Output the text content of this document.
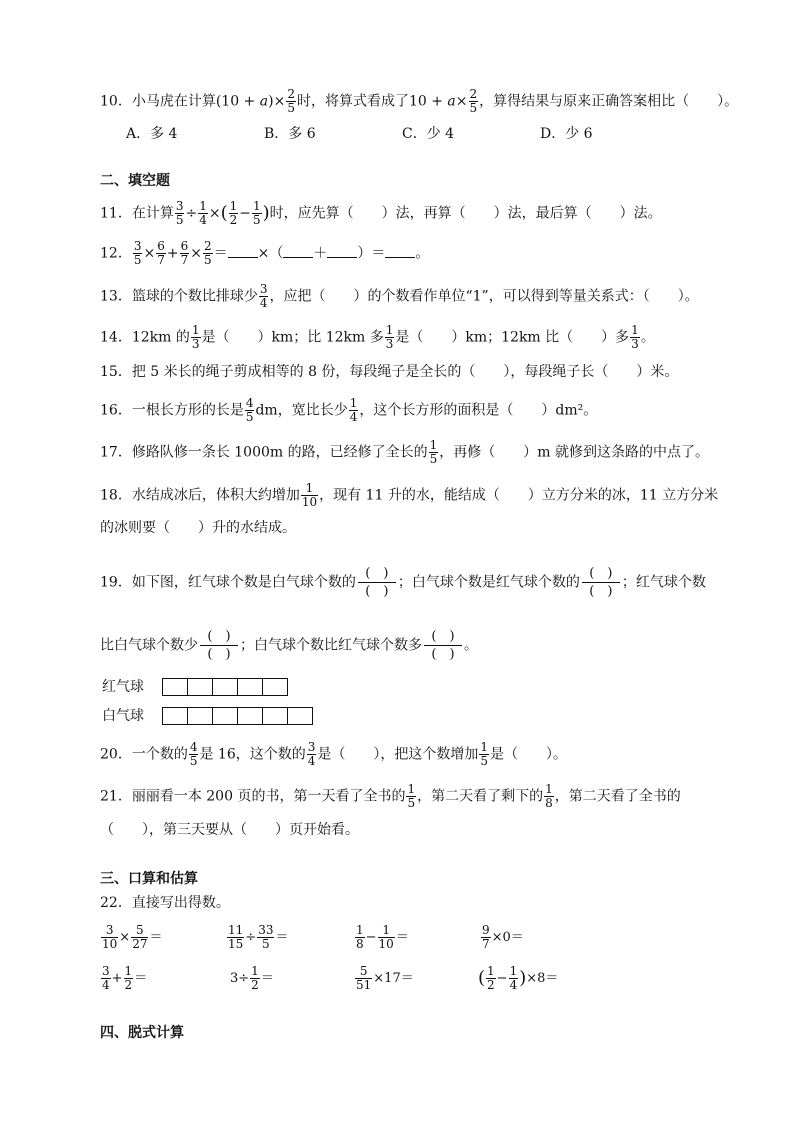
10．小马虎在计算$(10 + a)\times \frac{2}{5}$ 时，将算式看成了$10 + a\times \frac{2}{5}$ ，算得结果与原来正确答案相比（　　）。
A．多 4	B．多 6	C．少 4	D．少 6
二、填空题
11．在计算 $\frac{3}{5} \div \frac{1}{4}$ ×( $\frac{1}{2} - \frac{1}{5}$ )时，应先算（　　）法，再算（　　）法，最后算（　　）法。
12． $\frac{3}{5} \times \frac{6}{7} + \frac{6}{7} \times \frac{2}{5}$ ＝ ×（ ＋ ）＝ 。
13．篮球的个数比排球少 $\frac{3}{4}$ ，应把（　　）的个数看作单位“1”，可以得到等量关系式：（　　）。
14．12km 的 $\frac{1}{3}$ 是（　　）km；比 12km 多 $\frac{1}{3}$ 是（　　）km；12km 比（　　）多 $\frac{1}{3}$ 。
15．把 5 米长的绳子剪成相等的 8 份，每段绳子是全长的（　　），每段绳子长（　　）米。
16．一根长方形的长是 $\frac{4}{5}$ dm，宽比长少 $\frac{1}{4}$ ，这个长方形的面积是（　　）dm²。
17．修路队修一条长 1000m 的路，已经修了全长的 $\frac{1}{5}$ ，再修（　　）m 就修到这条路的中点了。
18．水结成冰后，体积大约增加 $\frac{1}{10}$ ，现有 11 升的水，能结成（　　）立方分米的冰，11 立方分米
的冰则要（　　）升的水结成。
19．如下图，红气球个数是白气球个数的
(　)
(　)
；白气球个数是红气球个数的
(　)
(　)
；红气球个数
比白气球个数少
(　)
(　)
；白气球个数比红气球个数多
(　)
(　)
。
红气球
白气球
20．一个数的 $\frac{4}{5}$ 是 16，这个数的 $\frac{3}{4}$ 是（　　），把这个数增加 $\frac{1}{5}$ 是（　　）。
21．丽丽看一本 200 页的书，第一天看了全书的 $\frac{1}{5}$ ，第二天看了剩下的 $\frac{1}{8}$ ，第二天看了全书的
（　　），第三天要从（　　）页开始看。
三、口算和估算
22．直接写出得数。
$\frac{3}{10} \times \frac{5}{27}$ ＝	$\frac{11}{15} \div \frac{33}{5}$ ＝	$\frac{1}{8} - \frac{1}{10}$ ＝	$\frac{9}{7} \times 0=$
$\frac{3}{4} + \frac{1}{2}$ ＝	$3\div \frac{1}{2}$ ＝	$\frac{5}{51} \times 17=$	( $\frac{1}{2} - \frac{1}{4} )\times 8=$
四、脱式计算
